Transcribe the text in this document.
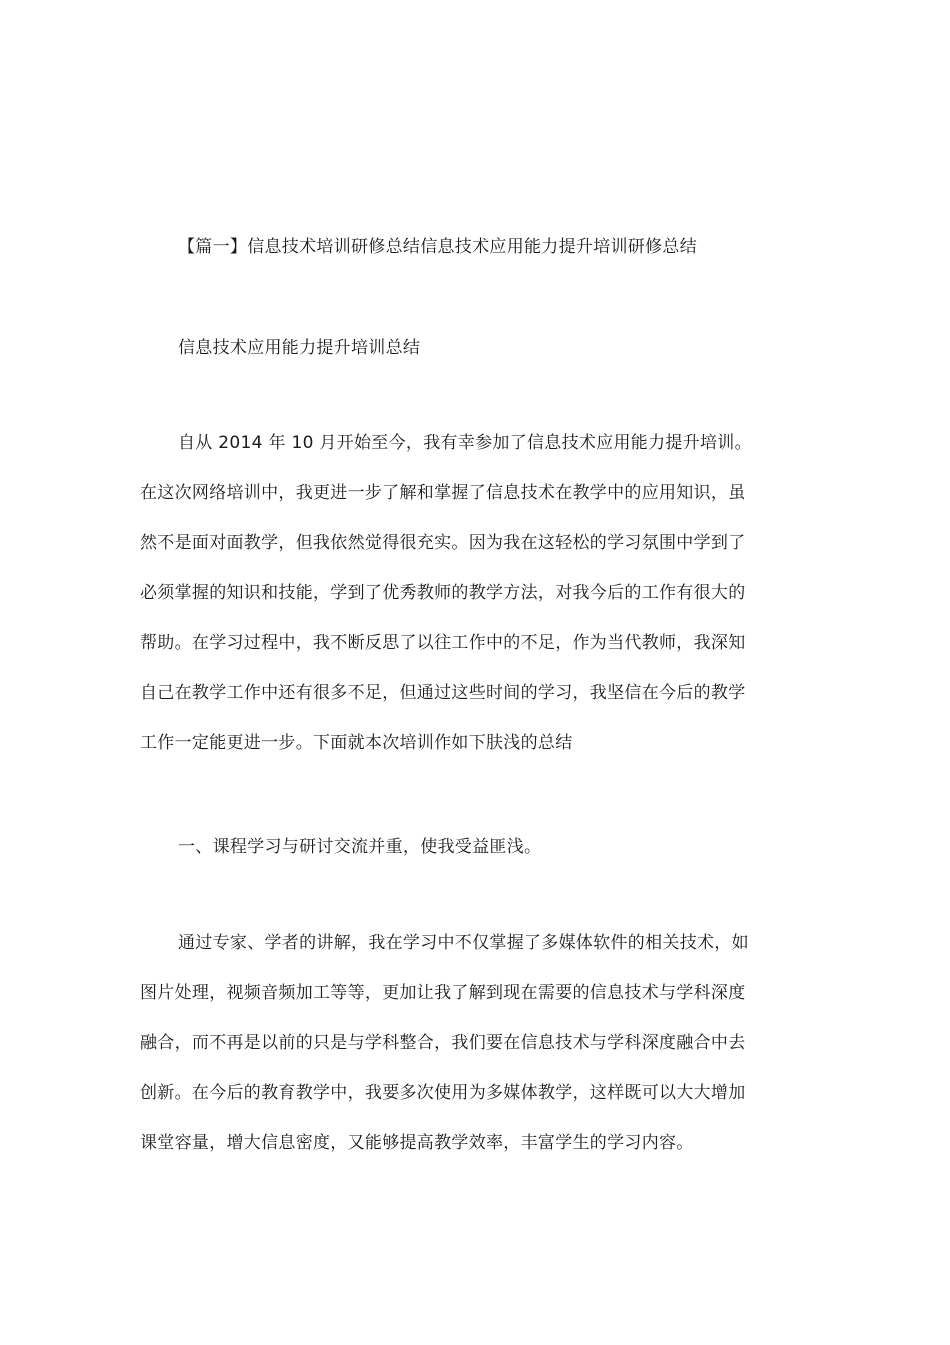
【篇一】信息技术培训研修总结信息技术应用能力提升培训研修总结
信息技术应用能力提升培训总结
自从 2014 年 10 月开始至今，我有幸参加了信息技术应用能力提升培训。
在这次网络培训中，我更进一步了解和掌握了信息技术在教学中的应用知识，虽
然不是面对面教学，但我依然觉得很充实。因为我在这轻松的学习氛围中学到了
必须掌握的知识和技能，学到了优秀教师的教学方法，对我今后的工作有很大的
帮助。在学习过程中，我不断反思了以往工作中的不足，作为当代教师，我深知
自己在教学工作中还有很多不足，但通过这些时间的学习，我坚信在今后的教学
工作一定能更进一步。下面就本次培训作如下肤浅的总结
一、课程学习与研讨交流并重，使我受益匪浅。
通过专家、学者的讲解，我在学习中不仅掌握了多媒体软件的相关技术，如
图片处理，视频音频加工等等，更加让我了解到现在需要的信息技术与学科深度
融合，而不再是以前的只是与学科整合，我们要在信息技术与学科深度融合中去
创新。在今后的教育教学中，我要多次使用为多媒体教学，这样既可以大大增加
课堂容量，增大信息密度，又能够提高教学效率，丰富学生的学习内容。
